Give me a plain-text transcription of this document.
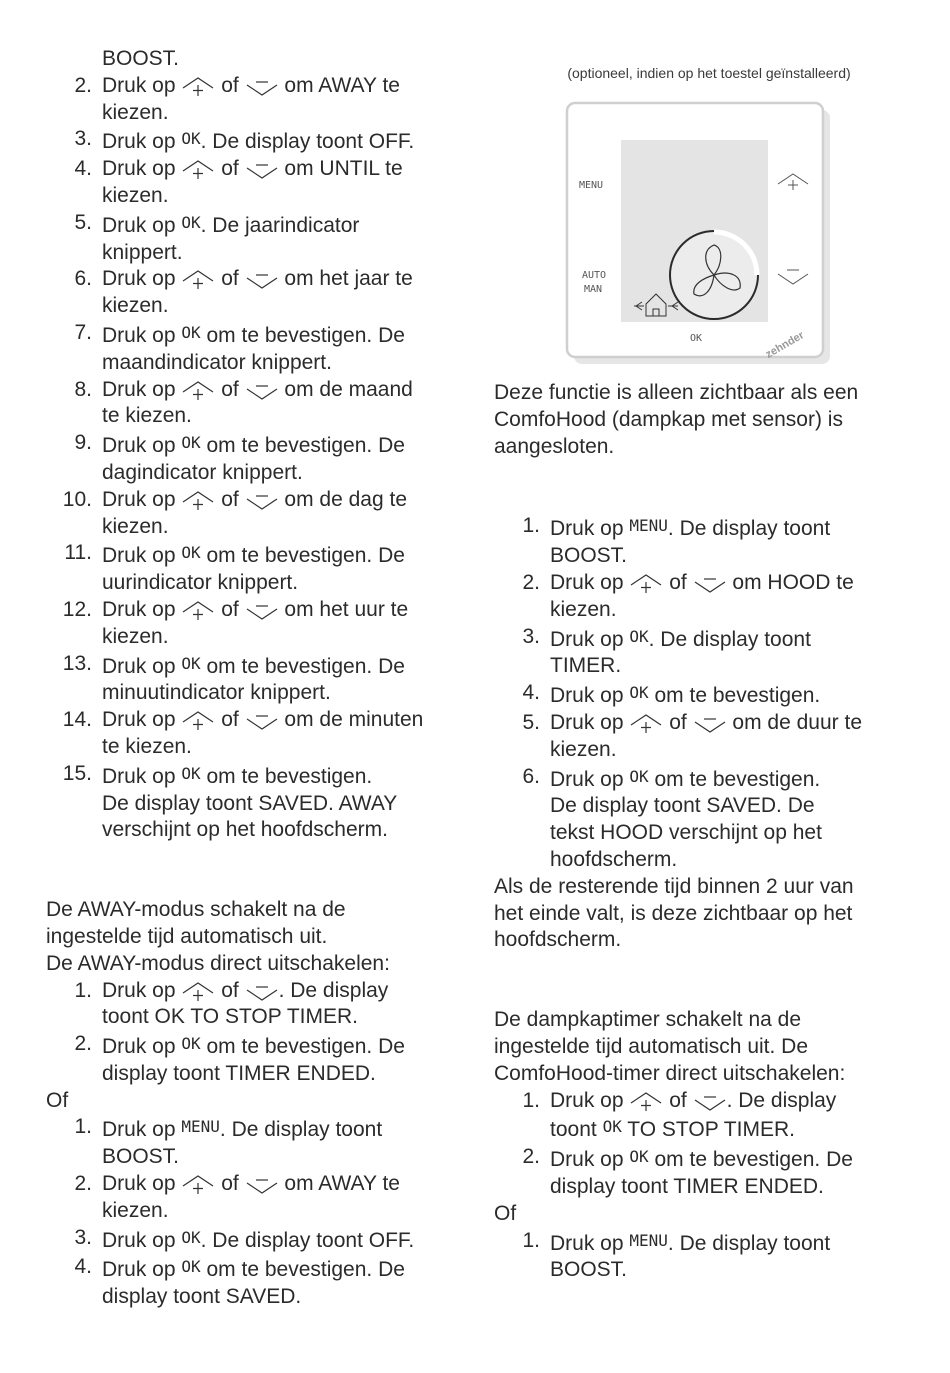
BOOST.
2. Druk op of om AWAY te
kiezen.
3. Druk op OK. De display toont OFF.
4. Druk op of om UNTIL te
kiezen.
5. Druk op OK. De jaarindicator
knippert.
6. Druk op of om het jaar te
kiezen.
7. Druk op OK om te bevestigen. De
maandindicator knippert.
8. Druk op of om de maand
te kiezen.
9. Druk op OK om te bevestigen. De
dagindicator knippert.
10. Druk op of om de dag te
kiezen.
11. Druk op OK om te bevestigen. De
uurindicator knippert.
12. Druk op of om het uur te
kiezen.
13. Druk op OK om te bevestigen. De
minuutindicator knippert.
14. Druk op of om de minuten
te kiezen.
15. Druk op OK om te bevestigen.
De display toont SAVED. AWAY
verschijnt op het hoofdscherm.

De AWAY-modus schakelt na de
ingestelde tijd automatisch uit.
De AWAY-modus direct uitschakelen:

1. Druk op of . De display
toont OK TO STOP TIMER.
2. Druk op OK om te bevestigen. De
display toont TIMER ENDED.

Of

1. Druk op MENU. De display toont
BOOST.
2. Druk op of om AWAY te
kiezen.
3. Druk op OK. De display toont OFF.
4. Druk op OK om te bevestigen. De
display toont SAVED.

(optioneel, indien op het toestel geïnstalleerd)

MENU
AUTO
MAN
OK	zehnder

Deze functie is alleen zichtbaar als een
ComfoHood (dampkap met sensor) is
aangesloten.

1. Druk op MENU. De display toont
BOOST.
2. Druk op of om HOOD te
kiezen.
3. Druk op OK. De display toont
TIMER.
4. Druk op OK om te bevestigen.
5. Druk op of om de duur te
kiezen.
6. Druk op OK om te bevestigen.
De display toont SAVED. De
tekst HOOD verschijnt op het
hoofdscherm.

Als de resterende tijd binnen 2 uur van
het einde valt, is deze zichtbaar op het
hoofdscherm.

De dampkaptimer schakelt na de
ingestelde tijd automatisch uit. De
ComfoHood-timer direct uitschakelen:

1. Druk op of . De display
toont OK TO STOP TIMER.
2. Druk op OK om te bevestigen. De
display toont TIMER ENDED.

Of

1. Druk op MENU. De display toont
BOOST.
